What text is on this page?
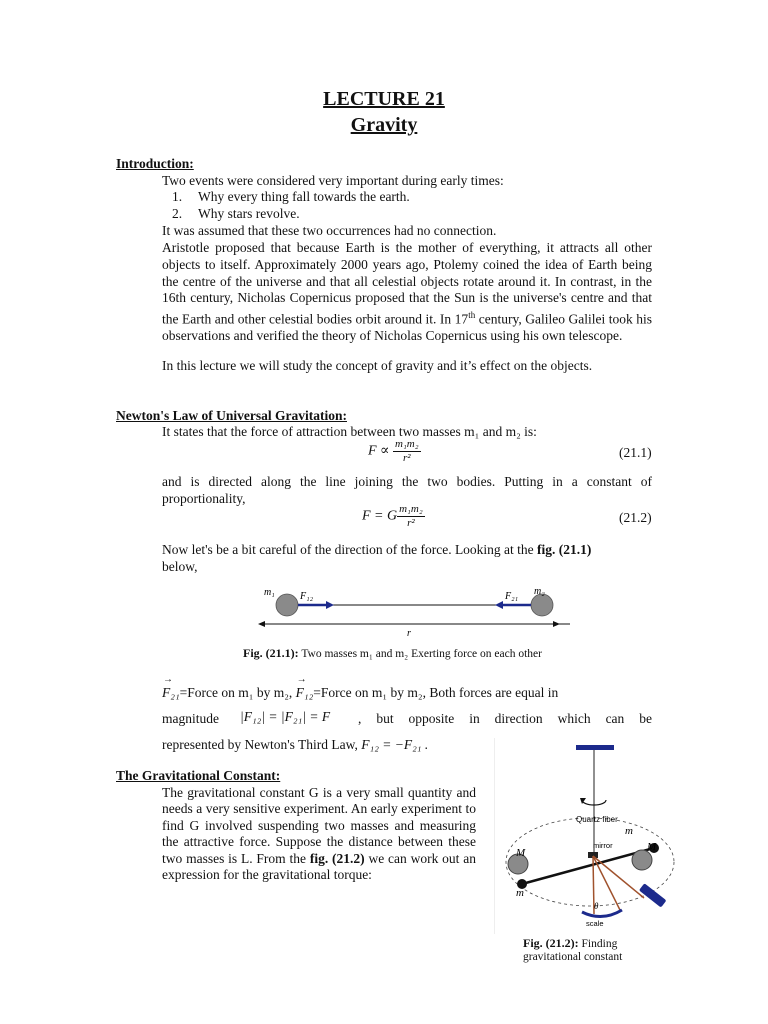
LECTURE 21
Gravity
Introduction:
Two events were considered very important during early times:
1. Why every thing fall towards the earth.
2. Why stars revolve.
It was assumed that these two occurrences had no connection.
Aristotle proposed that because Earth is the mother of everything, it attracts all other objects to itself. Approximately 2000 years ago, Ptolemy coined the idea of Earth being the centre of the universe and that all celestial objects rotate around it. In contrast, in the 16th century, Nicholas Copernicus proposed that the Sun is the universe's centre and that the Earth and other celestial bodies orbit around it. In 17th century, Galileo Galilei took his observations and verified the theory of Nicholas Copernicus using his own telescope.
In this lecture we will study the concept of gravity and it’s effect on the objects.
Newton's Law of Universal Gravitation:
It states that the force of attraction between two masses m₁ and m₂ is:
$F \propto \frac{\text{m₁m₂}}{\text{r²}}$	(21.1)
and is directed along the line joining the two bodies. Putting in a constant of proportionality,
F = G $\frac{\text{m₁m₂}}{\text{r²}}$	(21.2)
Now let's be a bit careful of the direction of the force. Looking at the fig. (21.1)
below,
m₁	F₁₂	F₂₁ m₂
r
Fig. (21.1): Two masses m₁ and m₂ Exerting force on each other
→ F₂₁=Force on m₁ by m₂, → F₁₂=Force on m₁ by m₂, Both forces are equal in
magnitude |F₁₂| = |F₂₁| = F , but opposite in direction which can be
represented by Newton's Third Law, F₁₂ = −F₂₁ .
The Gravitational Constant:
The gravitational constant G is a very small quantity and needs a very sensitive experiment. An early experiment to find G involved suspending two masses and measuring the attractive force. Suppose the distance between these two masses is L. From the fig. (21.2) we can work out an expression for the gravitational torque:
Quartz fiber
mirror
M	M
m
m
θ
scale
Fig. (21.2): Finding
gravitational constant
